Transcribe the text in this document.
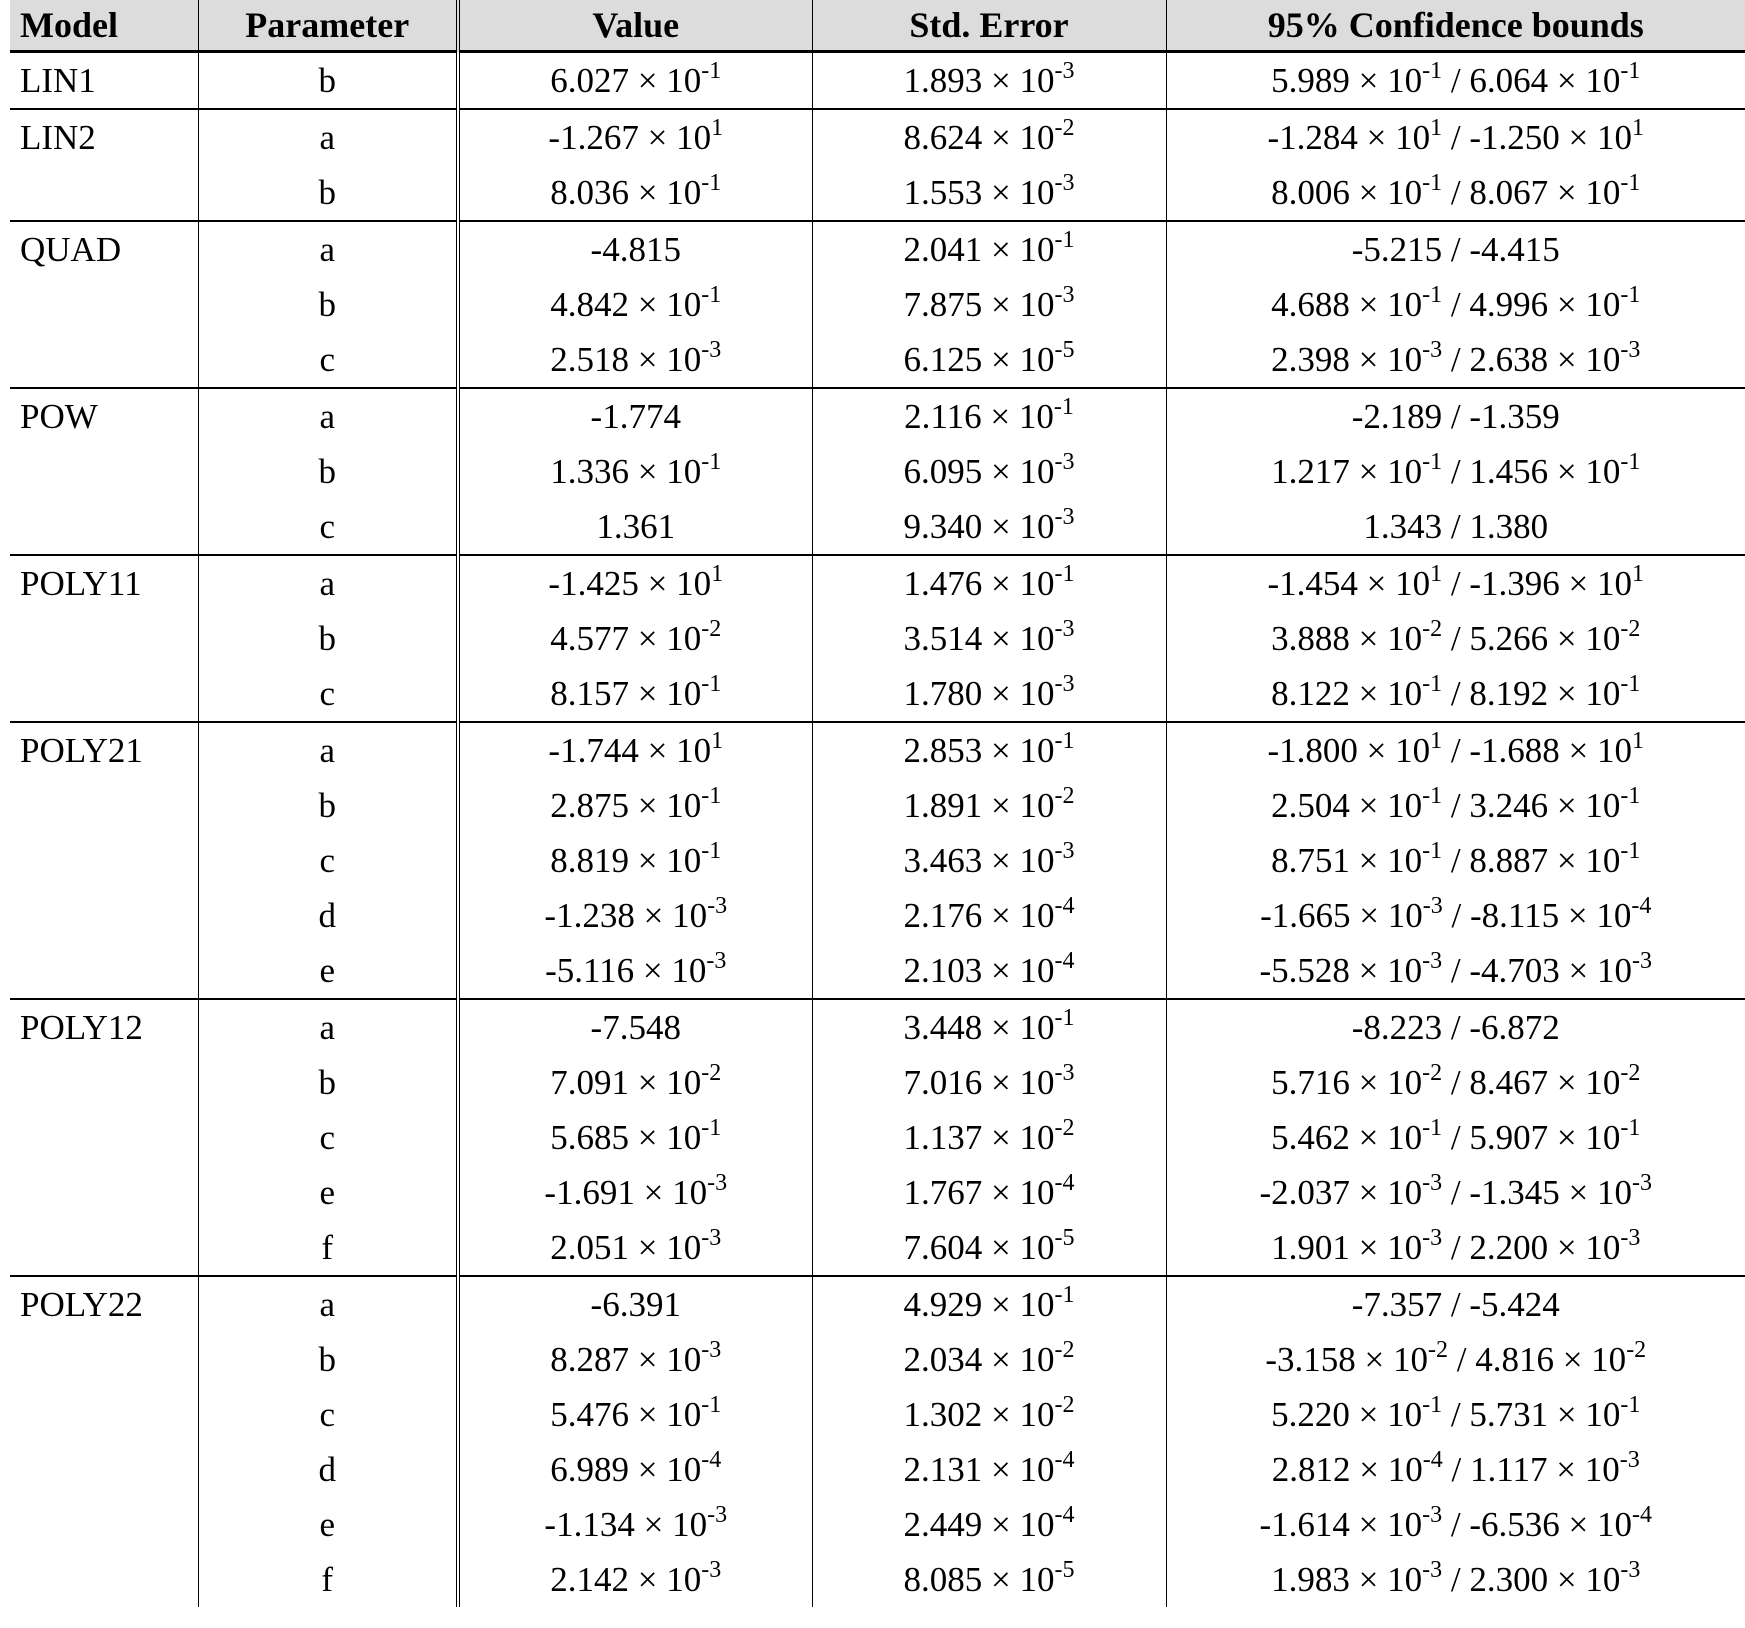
Model	Parameter	Value	Std. Error	95% Confidence bounds
LIN1	b	$6.027 \times 10^{-1}$	$1.893 \times 10^{-3}$	$5.989 \times 10^{-1} / 6.064 \times 10^{-1}$
LIN2	a	$-1.267 \times 10^1$	$8.624 \times 10^{-2}$	$-1.284 \times 10^1 / -1.250 \times 10^1$
	b	$8.036 \times 10^{-1}$	$1.553 \times 10^{-3}$	$8.006 \times 10^{-1} / 8.067 \times 10^{-1}$
QUAD	a	-4.815	$2.041 \times 10^{-1}$	-5.215 / -4.415
	b	$4.842 \times 10^{-1}$	$7.875 \times 10^{-3}$	$4.688 \times 10^{-1} / 4.996 \times 10^{-1}$
	c	$2.518 \times 10^{-3}$	$6.125 \times 10^{-5}$	$2.398 \times 10^{-3} / 2.638 \times 10^{-3}$
POW	a	-1.774	$2.116 \times 10^{-1}$	-2.189 / -1.359
	b	$1.336 \times 10^{-1}$	$6.095 \times 10^{-3}$	$1.217 \times 10^{-1} / 1.456 \times 10^{-1}$
	c	1.361	$9.340 \times 10^{-3}$	1.343 / 1.380
POLY11	a	$-1.425 \times 10^1$	$1.476 \times 10^{-1}$	$-1.454 \times 10^1 / -1.396 \times 10^1$
	b	$4.577 \times 10^{-2}$	$3.514 \times 10^{-3}$	$3.888 \times 10^{-2} / 5.266 \times 10^{-2}$
	c	$8.157 \times 10^{-1}$	$1.780 \times 10^{-3}$	$8.122 \times 10^{-1} / 8.192 \times 10^{-1}$
POLY21	a	$-1.744 \times 10^1$	$2.853 \times 10^{-1}$	$-1.800 \times 10^1 / -1.688 \times 10^1$
	b	$2.875 \times 10^{-1}$	$1.891 \times 10^{-2}$	$2.504 \times 10^{-1} / 3.246 \times 10^{-1}$
	c	$8.819 \times 10^{-1}$	$3.463 \times 10^{-3}$	$8.751 \times 10^{-1} / 8.887 \times 10^{-1}$
	d	$-1.238 \times 10^{-3}$	$2.176 \times 10^{-4}$	$-1.665 \times 10^{-3} / -8.115 \times 10^{-4}$
	e	$-5.116 \times 10^{-3}$	$2.103 \times 10^{-4}$	$-5.528 \times 10^{-3} / -4.703 \times 10^{-3}$
POLY12	a	-7.548	$3.448 \times 10^{-1}$	-8.223 / -6.872
	b	$7.091 \times 10^{-2}$	$7.016 \times 10^{-3}$	$5.716 \times 10^{-2} / 8.467 \times 10^{-2}$
	c	$5.685 \times 10^{-1}$	$1.137 \times 10^{-2}$	$5.462 \times 10^{-1} / 5.907 \times 10^{-1}$
	e	$-1.691 \times 10^{-3}$	$1.767 \times 10^{-4}$	$-2.037 \times 10^{-3} / -1.345 \times 10^{-3}$
	f	$2.051 \times 10^{-3}$	$7.604 \times 10^{-5}$	$1.901 \times 10^{-3} / 2.200 \times 10^{-3}$
POLY22	a	-6.391	$4.929 \times 10^{-1}$	-7.357 / -5.424
	b	$8.287 \times 10^{-3}$	$2.034 \times 10^{-2}$	$-3.158 \times 10^{-2} / 4.816 \times 10^{-2}$
	c	$5.476 \times 10^{-1}$	$1.302 \times 10^{-2}$	$5.220 \times 10^{-1} / 5.731 \times 10^{-1}$
	d	$6.989 \times 10^{-4}$	$2.131 \times 10^{-4}$	$2.812 \times 10^{-4} / 1.117 \times 10^{-3}$
	e	$-1.134 \times 10^{-3}$	$2.449 \times 10^{-4}$	$-1.614 \times 10^{-3} / -6.536 \times 10^{-4}$
	f	$2.142 \times 10^{-3}$	$8.085 \times 10^{-5}$	$1.983 \times 10^{-3} / 2.300 \times 10^{-3}$
